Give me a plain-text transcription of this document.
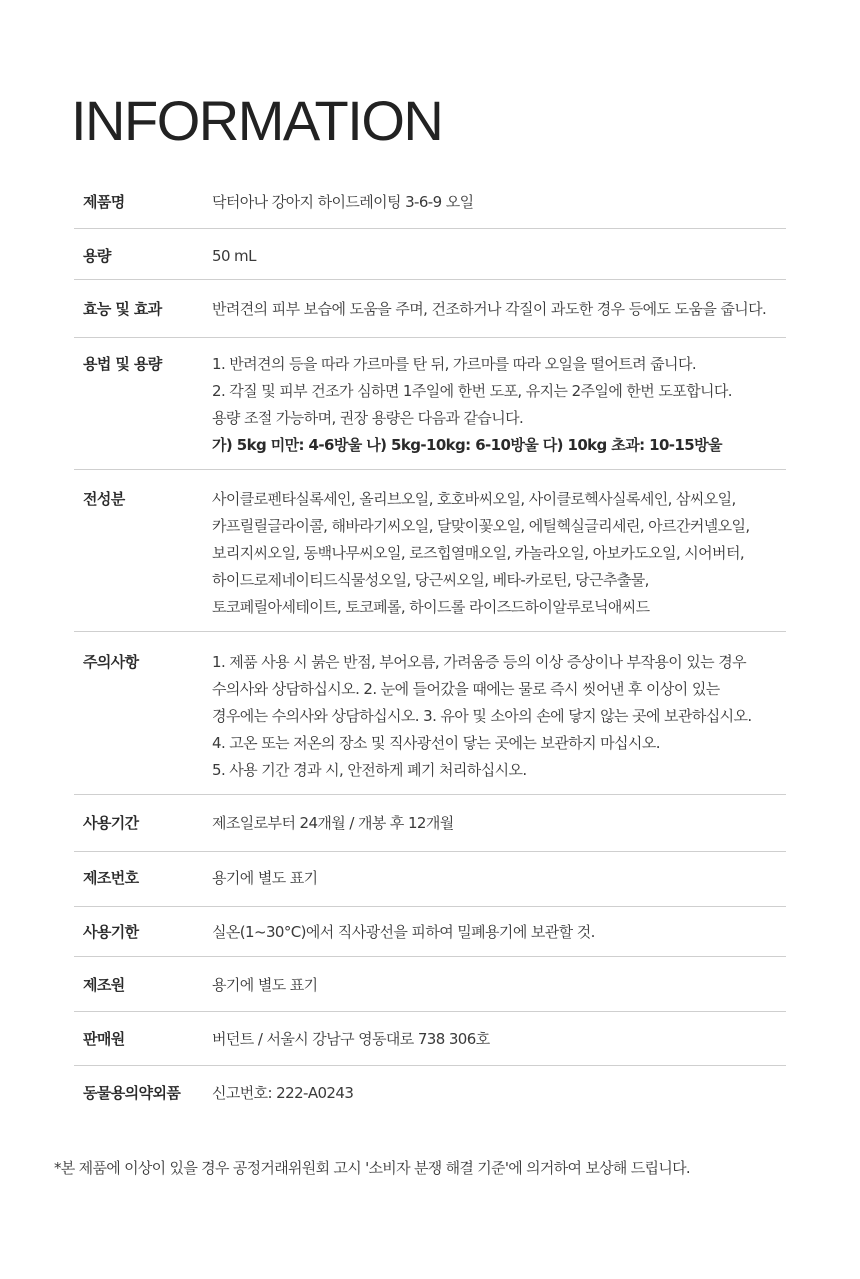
INFORMATION
제품명	닥터아나 강아지 하이드레이팅 3-6-9 오일
용량	50 mL
효능 및 효과	반려견의 피부 보습에 도움을 주며, 건조하거나 각질이 과도한 경우 등에도 도움을 줍니다.
용법 및 용량	1. 반려견의 등을 따라 가르마를 탄 뒤, 가르마를 따라 오일을 떨어트려 줍니다.
2. 각질 및 피부 건조가 심하면 1주일에 한번 도포, 유지는 2주일에 한번 도포합니다.
용량 조절 가능하며, 권장 용량은 다음과 같습니다.
가) 5kg 미만: 4-6방울 나) 5kg-10kg: 6-10방울 다) 10kg 초과: 10-15방울
전성분	사이클로펜타실록세인, 올리브오일, 호호바씨오일, 사이클로헥사실록세인, 삼씨오일,
카프릴릴글라이콜, 해바라기씨오일, 달맞이꽃오일, 에틸헥실글리세린, 아르간커넬오일,
보리지씨오일, 동백나무씨오일, 로즈힙열매오일, 카놀라오일, 아보카도오일, 시어버터,
하이드로제네이티드식물성오일, 당근씨오일, 베타-카로틴, 당근추출물,
토코페릴아세테이트, 토코페롤, 하이드롤 라이즈드하이알루로닉애씨드
주의사항	1. 제품 사용 시 붉은 반점, 부어오름, 가려움증 등의 이상 증상이나 부작용이 있는 경우
수의사와 상담하십시오. 2. 눈에 들어갔을 때에는 물로 즉시 씻어낸 후 이상이 있는
경우에는 수의사와 상담하십시오. 3. 유아 및 소아의 손에 닿지 않는 곳에 보관하십시오.
4. 고온 또는 저온의 장소 및 직사광선이 닿는 곳에는 보관하지 마십시오.
5. 사용 기간 경과 시, 안전하게 폐기 처리하십시오.
사용기간	제조일로부터 24개월 / 개봉 후 12개월
제조번호	용기에 별도 표기
사용기한	실온(1~30°C)에서 직사광선을 피하여 밀폐용기에 보관할 것.
제조원	용기에 별도 표기
판매원	버던트 / 서울시 강남구 영동대로 738 306호
동물용의약외품	신고번호: 222-A0243

*본 제품에 이상이 있을 경우 공정거래위원회 고시 '소비자 분쟁 해결 기준'에 의거하여 보상해 드립니다.
